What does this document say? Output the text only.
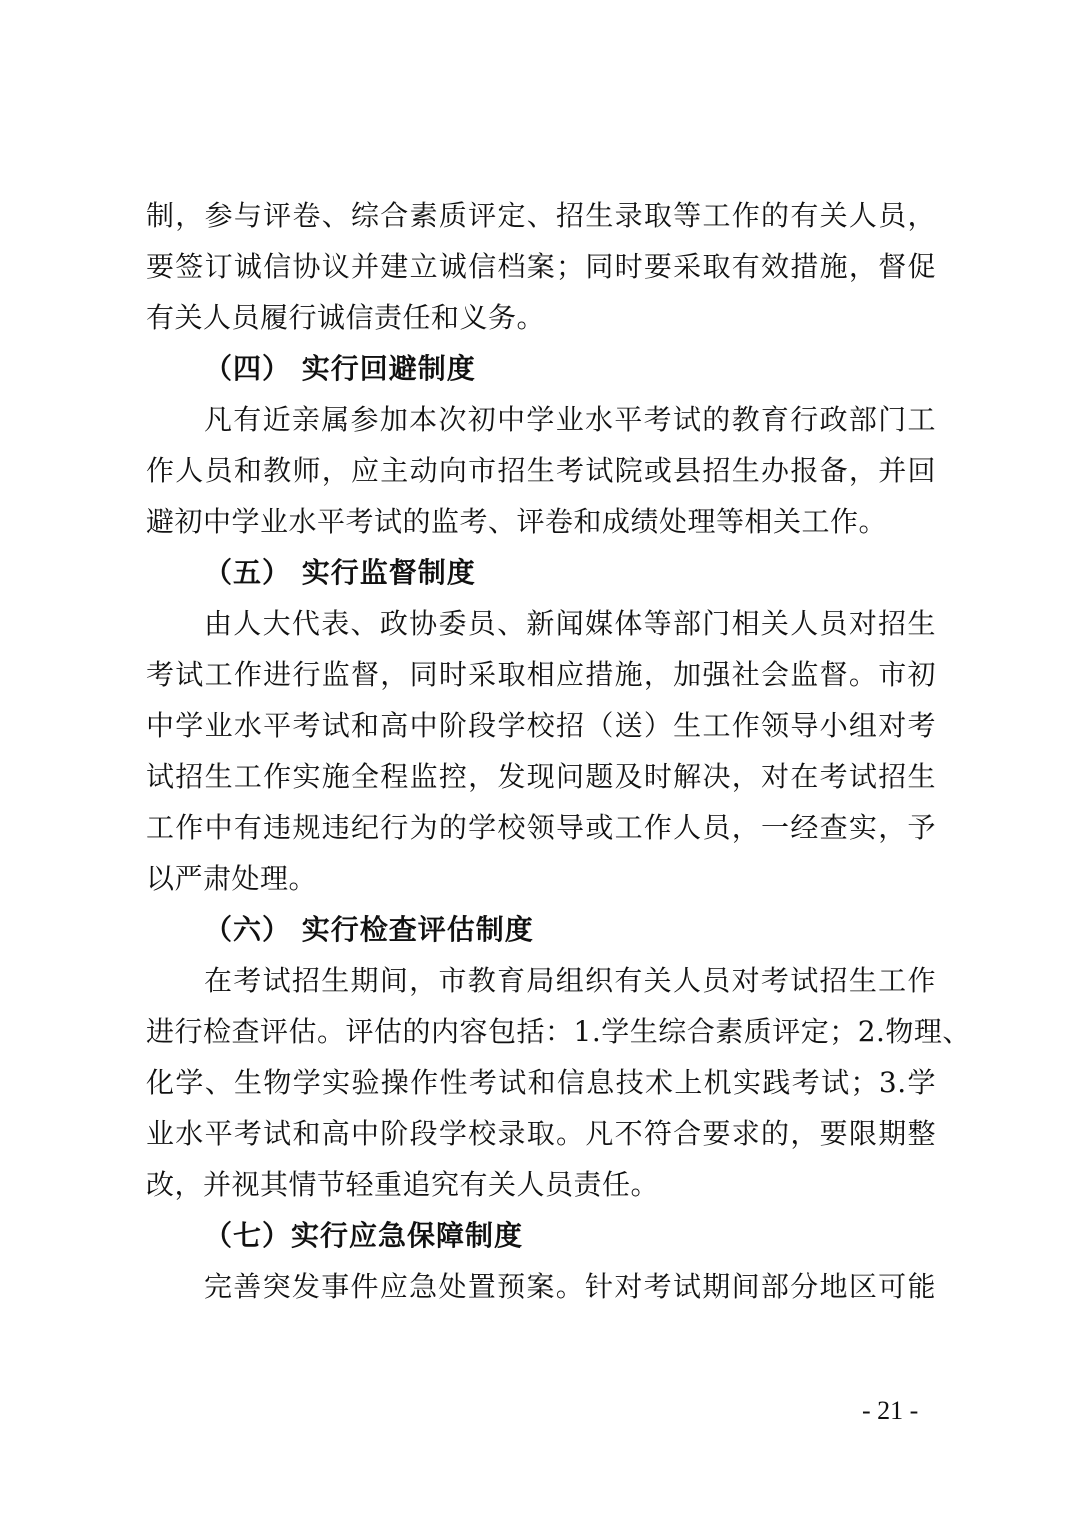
制，参与评卷、综合素质评定、招生录取等工作的有关人员，
要签订诚信协议并建立诚信档案；同时要采取有效措施，督促
有关人员履行诚信责任和义务。
（四） 实行回避制度
凡有近亲属参加本次初中学业水平考试的教育行政部门工
作人员和教师，应主动向市招生考试院或县招生办报备，并回
避初中学业水平考试的监考、评卷和成绩处理等相关工作。
（五） 实行监督制度
由人大代表、政协委员、新闻媒体等部门相关人员对招生
考试工作进行监督，同时采取相应措施，加强社会监督。市初
中学业水平考试和高中阶段学校招（送）生工作领导小组对考
试招生工作实施全程监控，发现问题及时解决，对在考试招生
工作中有违规违纪行为的学校领导或工作人员，一经查实，予
以严肃处理。
（六） 实行检查评估制度
在考试招生期间，市教育局组织有关人员对考试招生工作
进行检查评估。评估的内容包括：1.学生综合素质评定；2.物理、
化学、生物学实验操作性考试和信息技术上机实践考试；3.学
业水平考试和高中阶段学校录取。凡不符合要求的，要限期整
改，并视其情节轻重追究有关人员责任。
（七）实行应急保障制度
完善突发事件应急处置预案。针对考试期间部分地区可能
- 21 -
